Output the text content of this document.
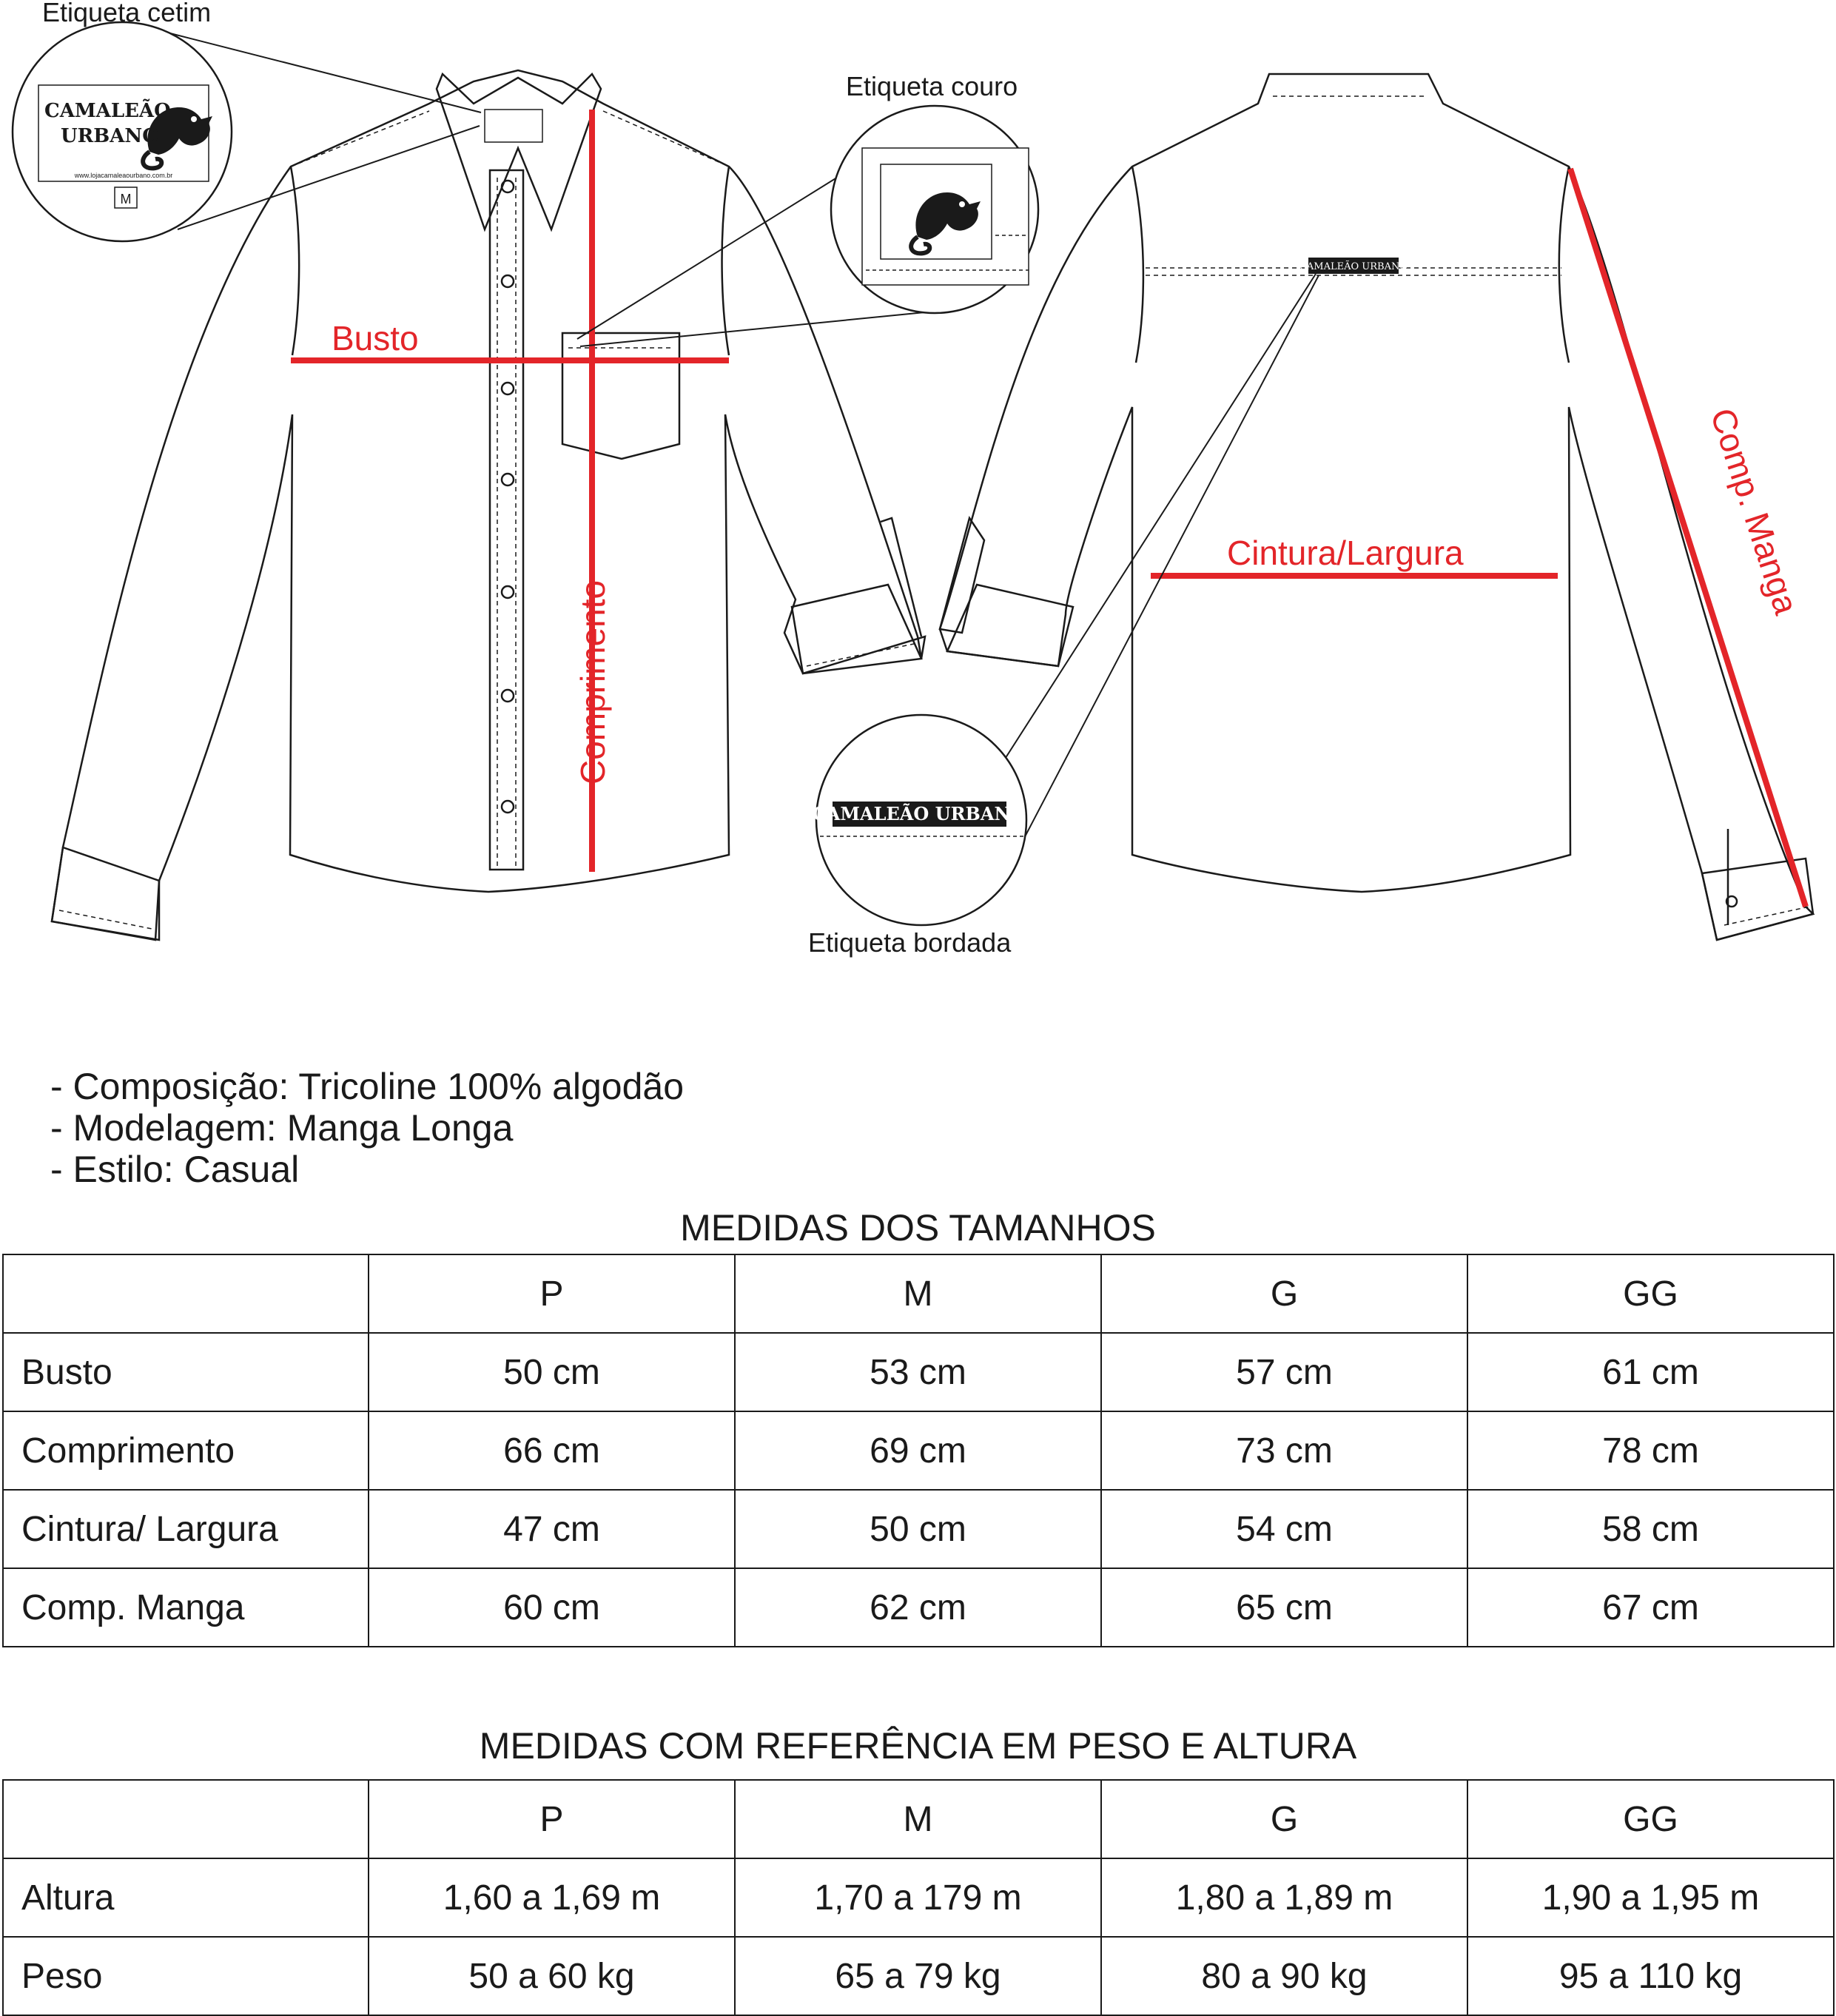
CAMALEÃO URBANO
CAMALEÃO
URBANO
www.lojacamaleaourbano.com.br
M
CAMALEÃO URBANO
Etiqueta cetim
Etiqueta couro
Etiqueta bordada
Busto
Cintura/Largura
Comprimento
Comp. Manga
- Composição: Tricoline 100% algodão
- Modelagem: Manga Longa
- Estilo: Casual
MEDIDAS DOS TAMANHOS
	P	M	G	GG
Busto	50 cm	53 cm	57 cm	61 cm
Comprimento	66 cm	69 cm	73 cm	78 cm
Cintura/ Largura	47 cm	50 cm	54 cm	58 cm
Comp. Manga	60 cm	62 cm	65 cm	67 cm
MEDIDAS COM REFERÊNCIA EM PESO E ALTURA
	P	M	G	GG
Altura	1,60 a 1,69 m	1,70 a 179 m	1,80 a 1,89 m	1,90 a 1,95 m
Peso	50 a 60 kg	65 a 79 kg	80 a 90 kg	95 a 110 kg
